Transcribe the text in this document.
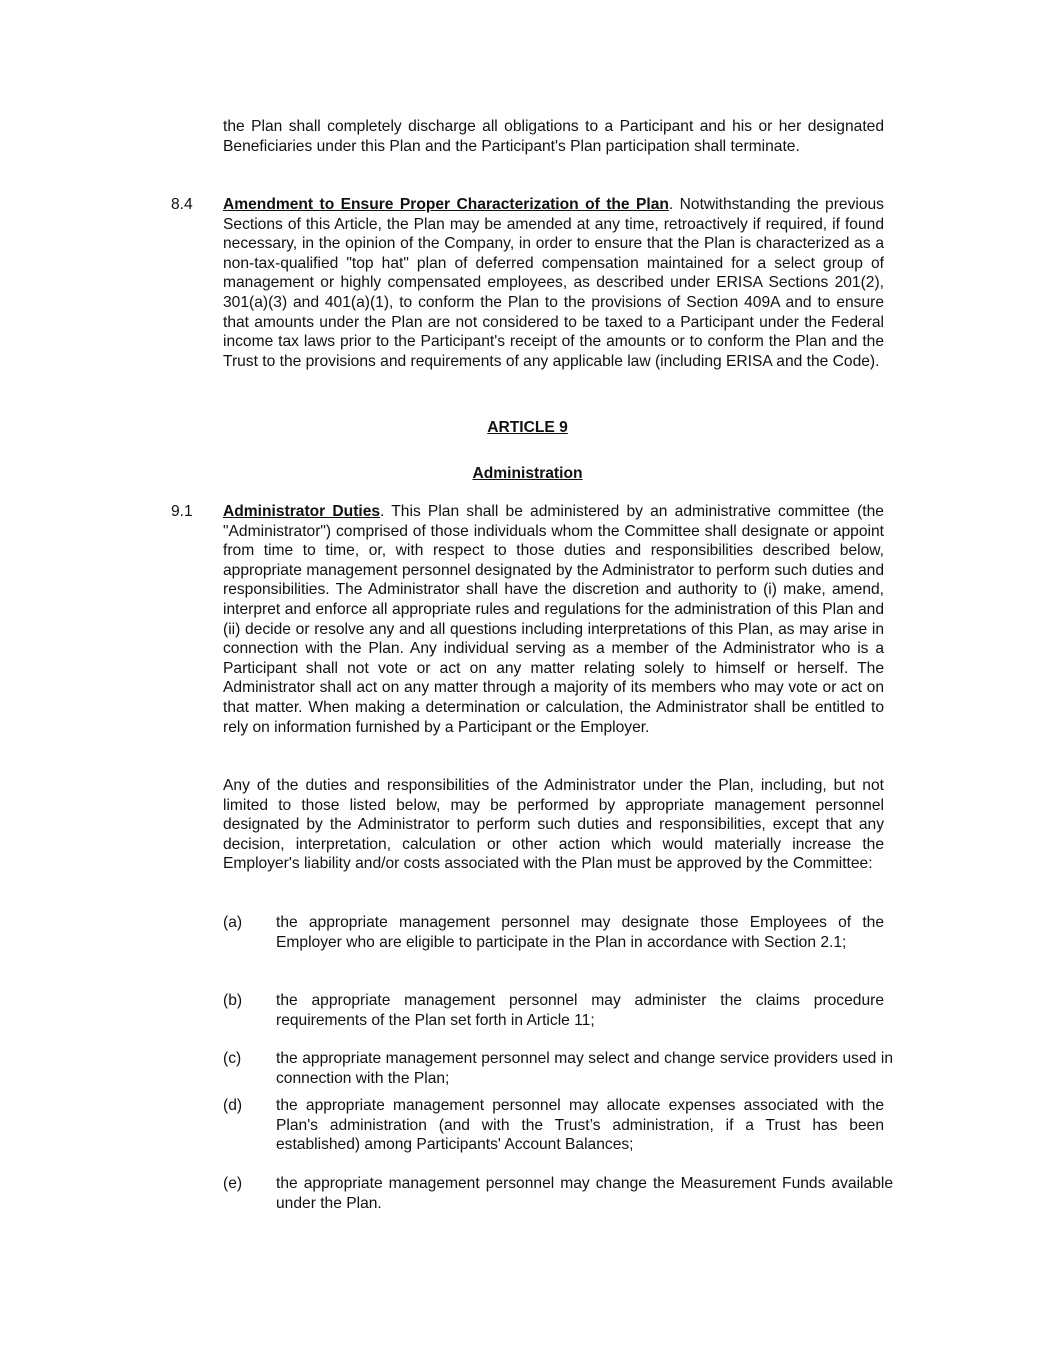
the Plan shall completely discharge all obligations to a Participant and his or her designated Beneficiaries under this Plan and the Participant's Plan participation shall terminate.

8.4 Amendment to Ensure Proper Characterization of the Plan. Notwithstanding the previous Sections of this Article, the Plan may be amended at any time, retroactively if required, if found necessary, in the opinion of the Company, in order to ensure that the Plan is characterized as a non-tax-qualified "top hat" plan of deferred compensation maintained for a select group of management or highly compensated employees, as described under ERISA Sections 201(2), 301(a)(3) and 401(a)(1), to conform the Plan to the provisions of Section 409A and to ensure that amounts under the Plan are not considered to be taxed to a Participant under the Federal income tax laws prior to the Participant's receipt of the amounts or to conform the Plan and the Trust to the provisions and requirements of any applicable law (including ERISA and the Code).

ARTICLE 9
Administration
9.1 Administrator Duties. This Plan shall be administered by an administrative committee (the "Administrator") comprised of those individuals whom the Committee shall designate or appoint from time to time, or, with respect to those duties and responsibilities described below, appropriate management personnel designated by the Administrator to perform such duties and responsibilities. The Administrator shall have the discretion and authority to (i) make, amend, interpret and enforce all appropriate rules and regulations for the administration of this Plan and (ii) decide or resolve any and all questions including interpretations of this Plan, as may arise in connection with the Plan. Any individual serving as a member of the Administrator who is a Participant shall not vote or act on any matter relating solely to himself or herself. The Administrator shall act on any matter through a majority of its members who may vote or act on that matter. When making a determination or calculation, the Administrator shall be entitled to rely on information furnished by a Participant or the Employer.

Any of the duties and responsibilities of the Administrator under the Plan, including, but not limited to those listed below, may be performed by appropriate management personnel designated by the Administrator to perform such duties and responsibilities, except that any decision, interpretation, calculation or other action which would materially increase the Employer's liability and/or costs associated with the Plan must be approved by the Committee:

(a) the appropriate management personnel may designate those Employees of the Employer who are eligible to participate in the Plan in accordance with Section 2.1;

(b) the appropriate management personnel may administer the claims procedure requirements of the Plan set forth in Article 11;

(c) the appropriate management personnel may select and change service providers used in connection with the Plan;

(d) the appropriate management personnel may allocate expenses associated with the Plan's administration (and with the Trust’s administration, if a Trust has been established) among Participants' Account Balances;

(e) the appropriate management personnel may change the Measurement Funds available under the Plan.
